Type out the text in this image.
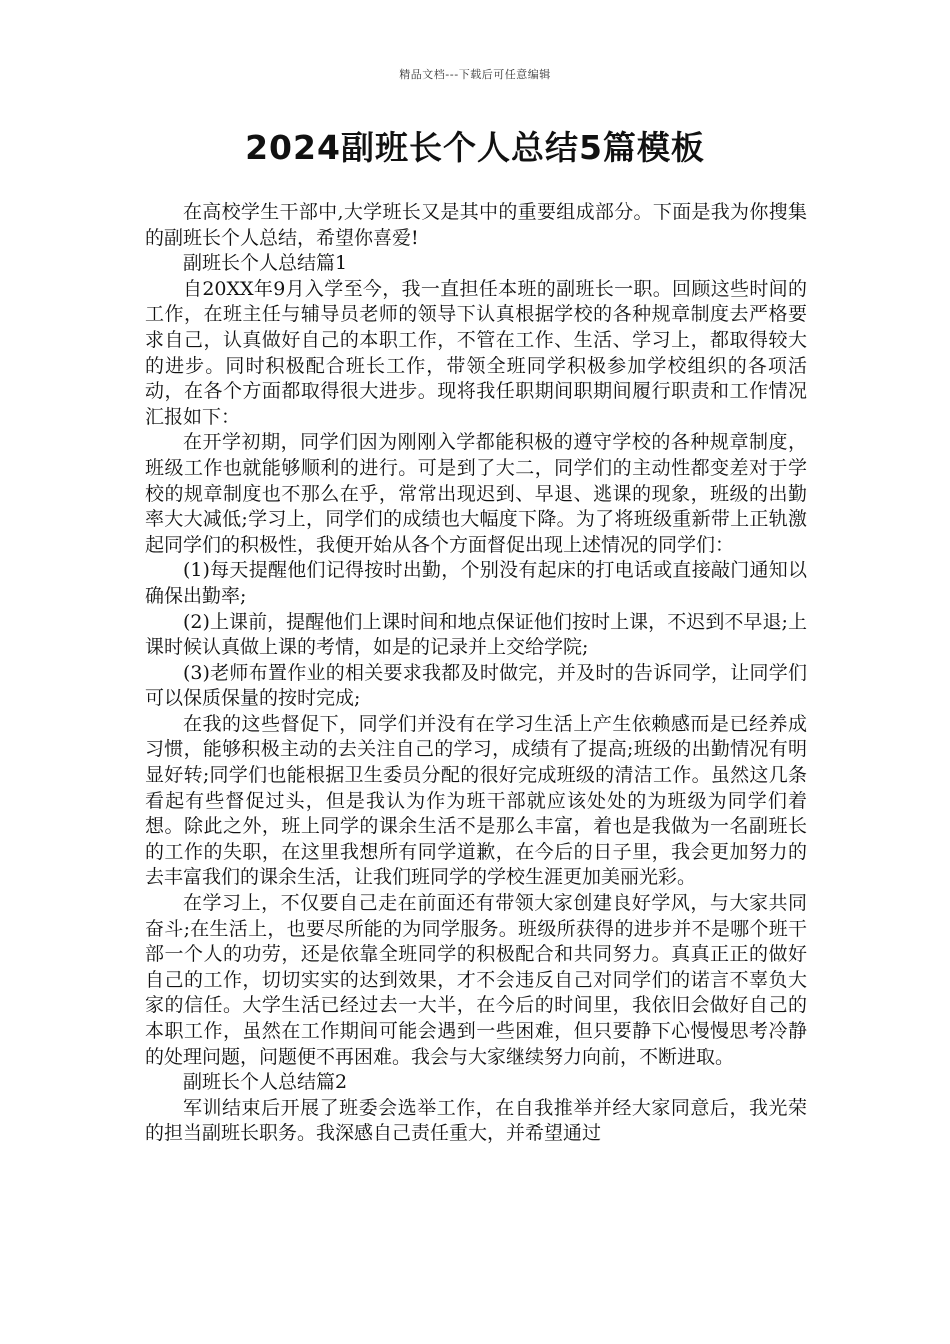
精品文档---下载后可任意编辑
2024副班长个人总结5篇模板

在高校学生干部中,大学班长又是其中的重要组成部分。下面是我为你搜集的副班长个人总结，希望你喜爱!

副班长个人总结篇1

自20XX年9月入学至今，我一直担任本班的副班长一职。回顾这些时间的工作，在班主任与辅导员老师的领导下认真根据学校的各种规章制度去严格要求自己，认真做好自己的本职工作，不管在工作、生活、学习上，都取得较大的进步。同时积极配合班长工作，带领全班同学积极参加学校组织的各项活动，在各个方面都取得很大进步。现将我任职期间职期间履行职责和工作情况汇报如下：

在开学初期，同学们因为刚刚入学都能积极的遵守学校的各种规章制度，班级工作也就能够顺利的进行。可是到了大二，同学们的主动性都变差对于学校的规章制度也不那么在乎，常常出现迟到、早退、逃课的现象，班级的出勤率大大减低;学习上，同学们的成绩也大幅度下降。为了将班级重新带上正轨激起同学们的积极性，我便开始从各个方面督促出现上述情况的同学们：

(1)每天提醒他们记得按时出勤，个别没有起床的打电话或直接敲门通知以确保出勤率;

(2)上课前，提醒他们上课时间和地点保证他们按时上课，不迟到不早退;上课时候认真做上课的考情，如是的记录并上交给学院;

(3)老师布置作业的相关要求我都及时做完，并及时的告诉同学，让同学们可以保质保量的按时完成;

在我的这些督促下，同学们并没有在学习生活上产生依赖感而是已经养成习惯，能够积极主动的去关注自己的学习，成绩有了提高;班级的出勤情况有明显好转;同学们也能根据卫生委员分配的很好完成班级的清洁工作。虽然这几条看起有些督促过头，但是我认为作为班干部就应该处处的为班级为同学们着想。除此之外，班上同学的课余生活不是那么丰富，着也是我做为一名副班长的工作的失职，在这里我想所有同学道歉，在今后的日子里，我会更加努力的去丰富我们的课余生活，让我们班同学的学校生涯更加美丽光彩。

在学习上，不仅要自己走在前面还有带领大家创建良好学风，与大家共同奋斗;在生活上，也要尽所能的为同学服务。班级所获得的进步并不是哪个班干部一个人的功劳，还是依靠全班同学的积极配合和共同努力。真真正正的做好自己的工作，切切实实的达到效果，才不会违反自己对同学们的诺言不辜负大家的信任。大学生活已经过去一大半，在今后的时间里，我依旧会做好自己的本职工作，虽然在工作期间可能会遇到一些困难，但只要静下心慢慢思考冷静的处理问题，问题便不再困难。我会与大家继续努力向前，不断进取。

副班长个人总结篇2

军训结束后开展了班委会选举工作，在自我推举并经大家同意后，我光荣的担当副班长职务。我深感自己责任重大，并希望通过
